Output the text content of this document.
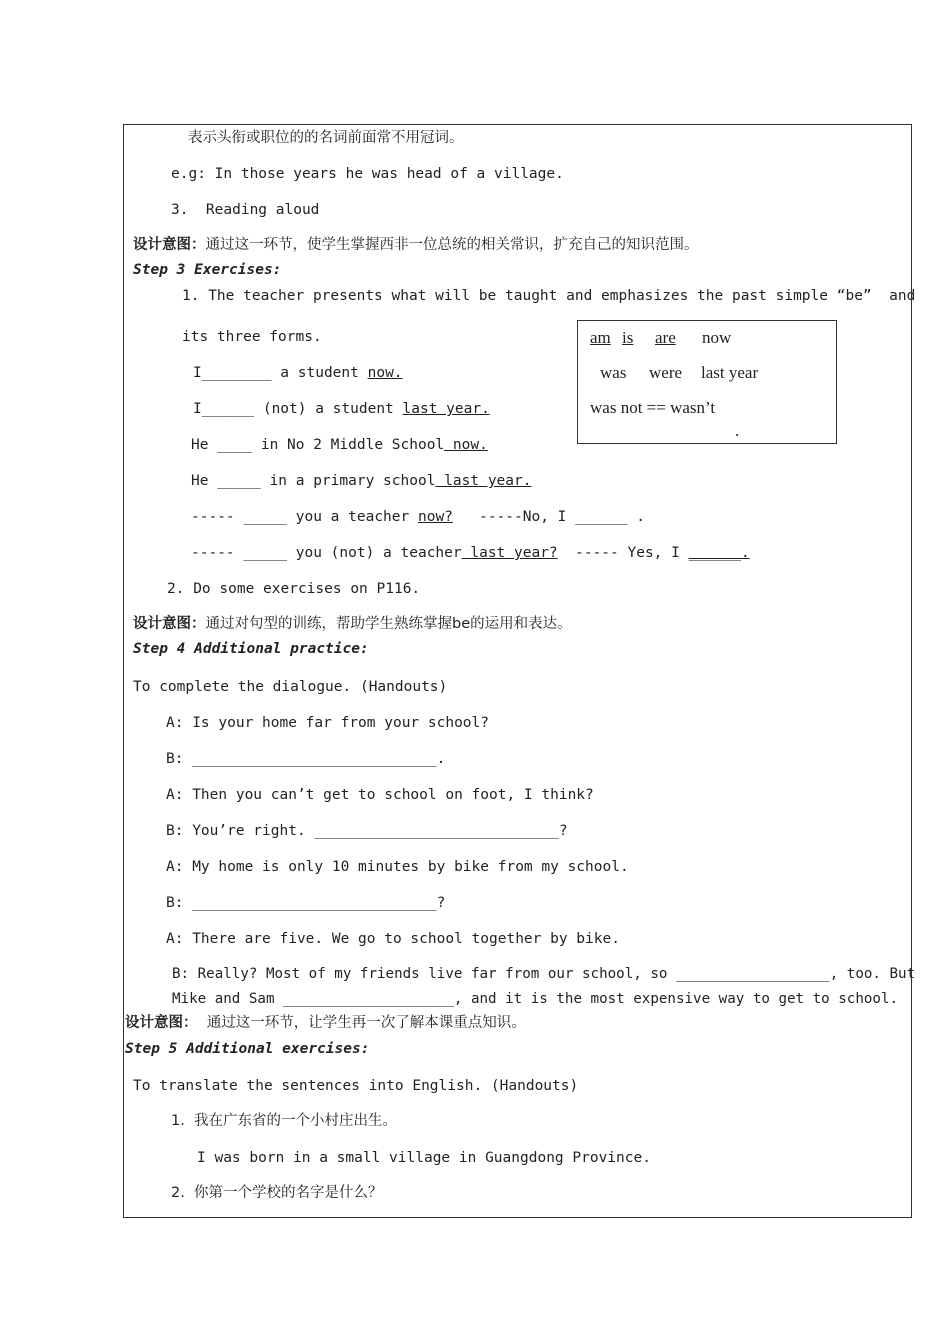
表示头衔或职位的的名词前面常不用冠词。
e.g: In those years he was head of a village.
3.  Reading aloud
设计意图：通过这一环节，使学生掌握西非一位总统的相关常识，扩充自己的知识范围。
Step 3 Exercises:
1. The teacher presents what will be taught and emphasizes the past simple “be”  and
its three forms.
I________ a student now.
I______ (not) a student last year.
He ____ in No 2 Middle School now.
He _____ in a primary school last year.
----- _____ you a teacher now?   -----No, I ______ .
----- _____ you (not) a teacher last year?  ----- Yes, I ______.
am is are now
was were last year
was not == wasn’t
.
2. Do some exercises on P116.
设计意图：通过对句型的训练，帮助学生熟练掌握be的运用和表达。
Step 4 Additional practice:
To complete the dialogue. (Handouts)
A: Is your home far from your school?
B: ____________________________.
A: Then you can’t get to school on foot, I think?
B: You’re right. ____________________________?
A: My home is only 10 minutes by bike from my school.
B: ____________________________?
A: There are five. We go to school together by bike.
B: Really? Most of my friends live far from our school, so __________________, too. But
Mike and Sam ____________________, and it is the most expensive way to get to school.
设计意图：  通过这一环节，让学生再一次了解本课重点知识。
Step 5 Additional exercises:
To translate the sentences into English. (Handouts)
1.  我在广东省的一个小村庄出生。
I was born in a small village in Guangdong Province.
2.  你第一个学校的名字是什么？
